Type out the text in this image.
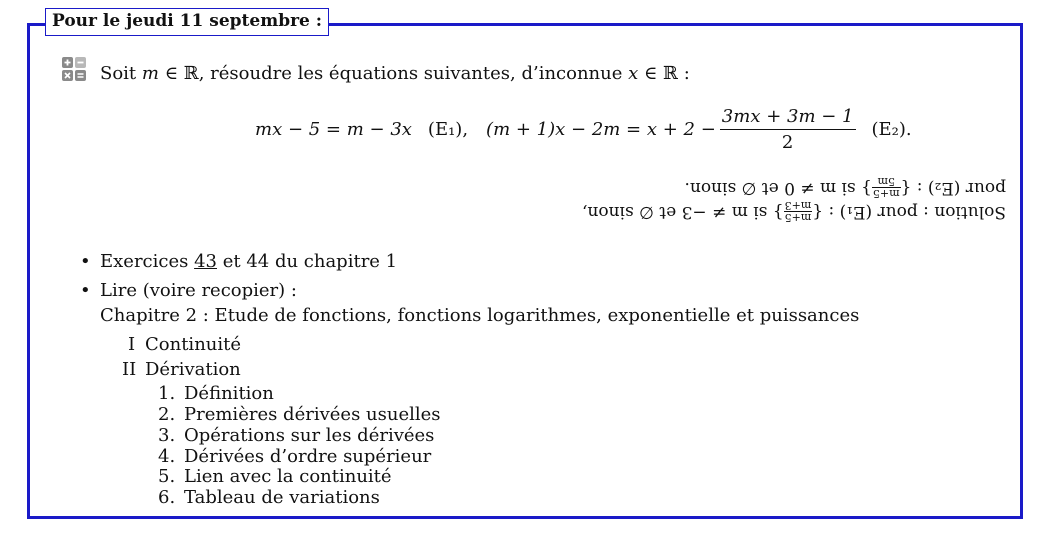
Pour le jeudi 11 septembre :
Soit m ∈ ℝ, résoudre les équations suivantes, d’inconnue x ∈ ℝ :
mx − 5 = m − 3x (E₁), $(m + 1)x - 2m = x + 2 - \frac{3mx + 3m - 1}{2} (E_2)$.
Solution : pour (E₁) : {
m+5
m+3
} si m ≠ −3 et ∅ sinon,
pour (E₂) : {
m+5
5m
} si m ≠ 0 et ∅ sinon.
• Exercices 43 et 44 du chapitre 1
• Lire (voire recopier) :
Chapitre 2 : Etude de fonctions, fonctions logarithmes, exponentielle et puissances
I Continuité
II Dérivation
1. Définition
2. Premières dérivées usuelles
3. Opérations sur les dérivées
4. Dérivées d’ordre supérieur
5. Lien avec la continuité
6. Tableau de variations
